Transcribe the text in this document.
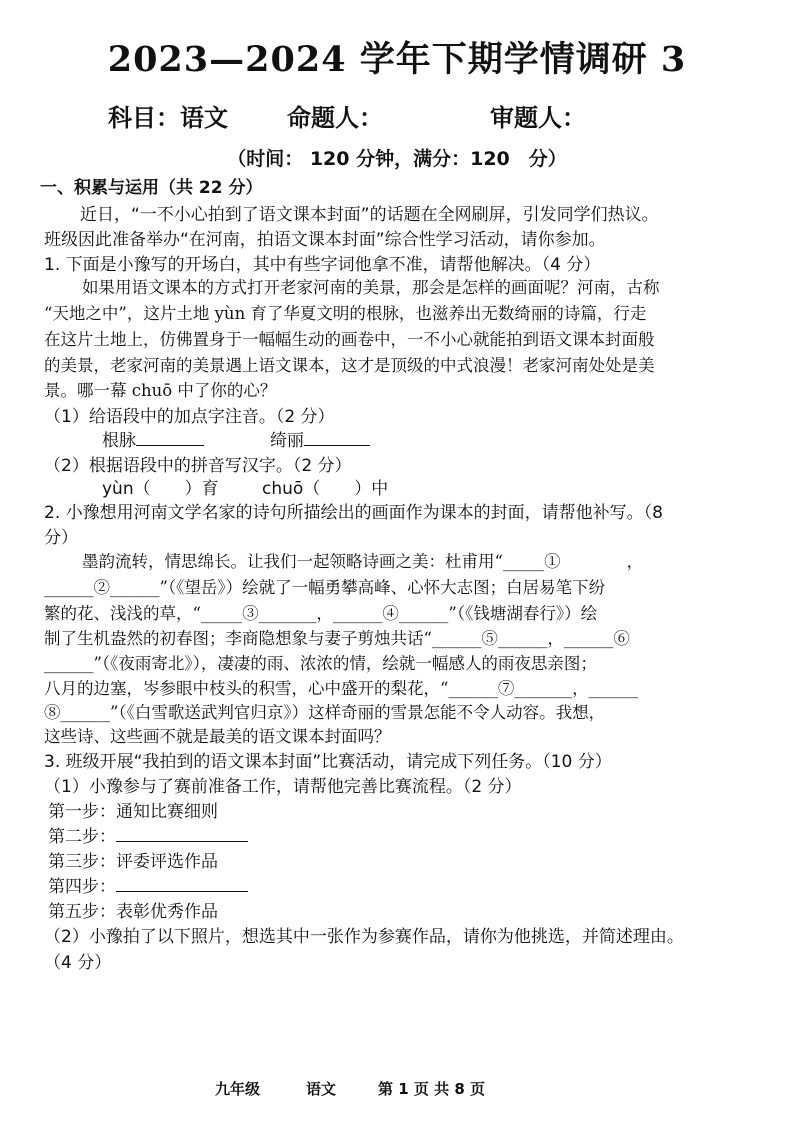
2023—2024 学年下期学情调研 3
科目：语文 命题人：	审题人：
（时间： 120 分钟，满分：120　分）
一、积累与运用（共 22 分）
近日，“一不小心拍到了语文课本封面”的话题在全网刷屏，引发同学们热议。
班级因此准备举办“在河南，拍语文课本封面”综合性学习活动，请你参加。
1. 下面是小豫写的开场白，其中有些字词他拿不准，请帮他解决。（4 分）
如果用语文课本的方式打开老家河南的美景，那会是怎样的画面呢？河南，古称
“天地之中”，这片土地 yùn 育了华夏文明的根脉，也滋养出无数绮丽的诗篇，行走
在这片土地上，仿佛置身于一幅幅生动的画卷中，一不小心就能拍到语文课本封面般
的美景，老家河南的美景遇上语文课本，这才是顶级的中式浪漫！老家河南处处是美
景。哪一幕 chuō 中了你的心？
（1）给语段中的加点字注音。（2 分）
根脉	绮丽
（2）根据语段中的拼音写汉字。（2 分）
yùn（　　）育	chuō（　　）中
2. 小豫想用河南文学名家的诗句所描绘出的画面作为课本的封面，请帮他补写。（8
分）
墨韵流转，情思绵长。让我们一起领略诗画之美：杜甫用“_____①　　　　，
______②______”（《望岳》）绘就了一幅勇攀高峰、心怀大志图；白居易笔下纷
繁的花、浅浅的草，“_____③_______，______④______”（《钱塘湖春行》）绘
制了生机盎然的初春图；李商隐想象与妻子剪烛共话“______⑤______，______⑥
______”（《夜雨寄北》），凄凄的雨、浓浓的情，绘就一幅感人的雨夜思亲图；
八月的边塞，岑参眼中枝头的积雪，心中盛开的梨花，“______⑦_______，______
⑧______”（《白雪歌送武判官归京》）这样奇丽的雪景怎能不令人动容。我想，
这些诗、这些画不就是最美的语文课本封面吗？
3. 班级开展“我拍到的语文课本封面”比赛活动，请完成下列任务。（10 分）
（1）小豫参与了赛前准备工作，请帮他完善比赛流程。（2 分）
第一步：通知比赛细则
第二步：
第三步：评委评选作品
第四步：
第五步：表彰优秀作品
（2）小豫拍了以下照片，想选其中一张作为参赛作品，请你为他挑选，并简述理由。
（4 分）
九年级	语文	第 1 页 共 8 页
